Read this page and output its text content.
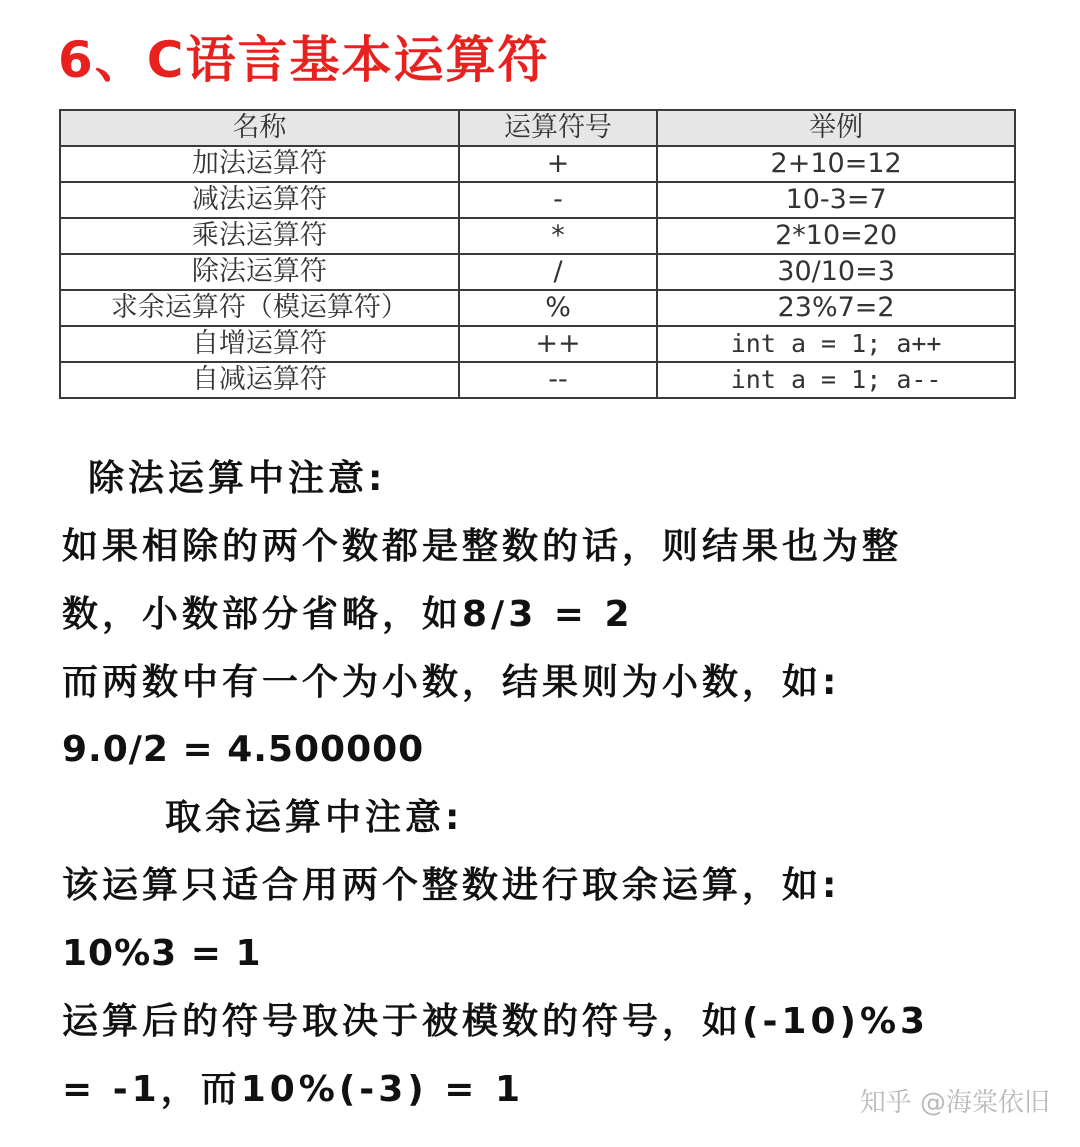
6、C语言基本运算符
名称	运算符号	举例
加法运算符	+	2+10=12
减法运算符	-	10-3=7
乘法运算符	*	2*10=20
除法运算符	/	30/10=3
求余运算符（模运算符）	%	23%7=2
自增运算符	++	int a = 1; a++
自减运算符	--	int a = 1; a--
除法运算中注意:
如果相除的两个数都是整数的话，则结果也为整
数，小数部分省略，如8/3 = 2
而两数中有一个为小数，结果则为小数，如:
9.0/2 = 4.500000
取余运算中注意:
该运算只适合用两个整数进行取余运算，如:
10%3 = 1
运算后的符号取决于被模数的符号，如(-10)%3
= -1，而10%(-3) = 1	知乎 @海棠依旧
